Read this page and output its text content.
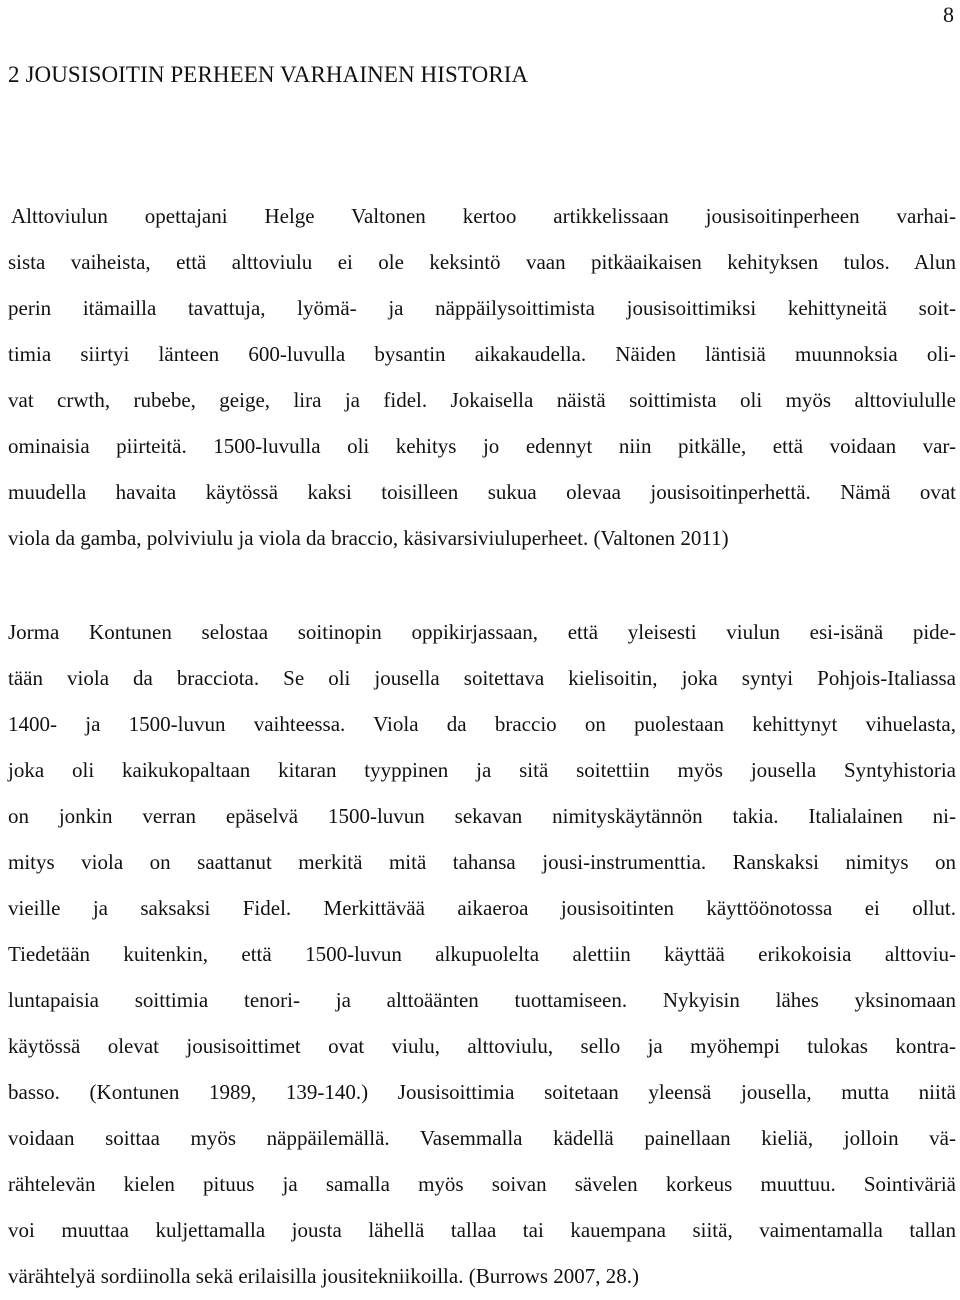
8
2 JOUSISOITIN PERHEEN VARHAINEN HISTORIA

Alttoviulun opettajani Helge Valtonen kertoo artikkelissaan jousisoitinperheen varhai-
sista vaiheista, että alttoviulu ei ole keksintö vaan pitkäaikaisen kehityksen tulos. Alun
perin itämailla tavattuja, lyömä- ja näppäilysoittimista jousisoittimiksi kehittyneitä soit-
timia siirtyi länteen 600-luvulla bysantin aikakaudella. Näiden läntisiä muunnoksia oli-
vat crwth, rubebe, geige, lira ja fidel. Jokaisella näistä soittimista oli myös alttoviululle
ominaisia piirteitä. 1500-luvulla oli kehitys jo edennyt niin pitkälle, että voidaan var-
muudella havaita käytössä kaksi toisilleen sukua olevaa jousisoitinperhettä. Nämä ovat
viola da gamba, polviviulu ja viola da braccio, käsivarsiviuluperheet. (Valtonen 2011)

Jorma Kontunen selostaa soitinopin oppikirjassaan, että yleisesti viulun esi-isänä pide-
tään viola da bracciota. Se oli jousella soitettava kielisoitin, joka syntyi Pohjois-Italiassa
1400- ja 1500-luvun vaihteessa. Viola da braccio on puolestaan kehittynyt vihuelasta,
joka oli kaikukopaltaan kitaran tyyppinen ja sitä soitettiin myös jousella Syntyhistoria
on jonkin verran epäselvä 1500-luvun sekavan nimityskäytännön takia. Italialainen ni-
mitys viola on saattanut merkitä mitä tahansa jousi-instrumenttia. Ranskaksi nimitys on
vieille ja saksaksi Fidel. Merkittävää aikaeroa jousisoitinten käyttöönotossa ei ollut.
Tiedetään kuitenkin, että 1500-luvun alkupuolelta alettiin käyttää erikokoisia alttoviu-
luntapaisia soittimia tenori- ja alttoäänten tuottamiseen. Nykyisin lähes yksinomaan
käytössä olevat jousisoittimet ovat viulu, alttoviulu, sello ja myöhempi tulokas kontra-
basso. (Kontunen 1989, 139-140.) Jousisoittimia soitetaan yleensä jousella, mutta niitä
voidaan soittaa myös näppäilemällä. Vasemmalla kädellä painellaan kieliä, jolloin vä-
rähtelevän kielen pituus ja samalla myös soivan sävelen korkeus muuttuu. Sointiväriä
voi muuttaa kuljettamalla jousta lähellä tallaa tai kauempana siitä, vaimentamalla tallan
värähtelyä sordiinolla sekä erilaisilla jousitekniikoilla. (Burrows 2007, 28.)
